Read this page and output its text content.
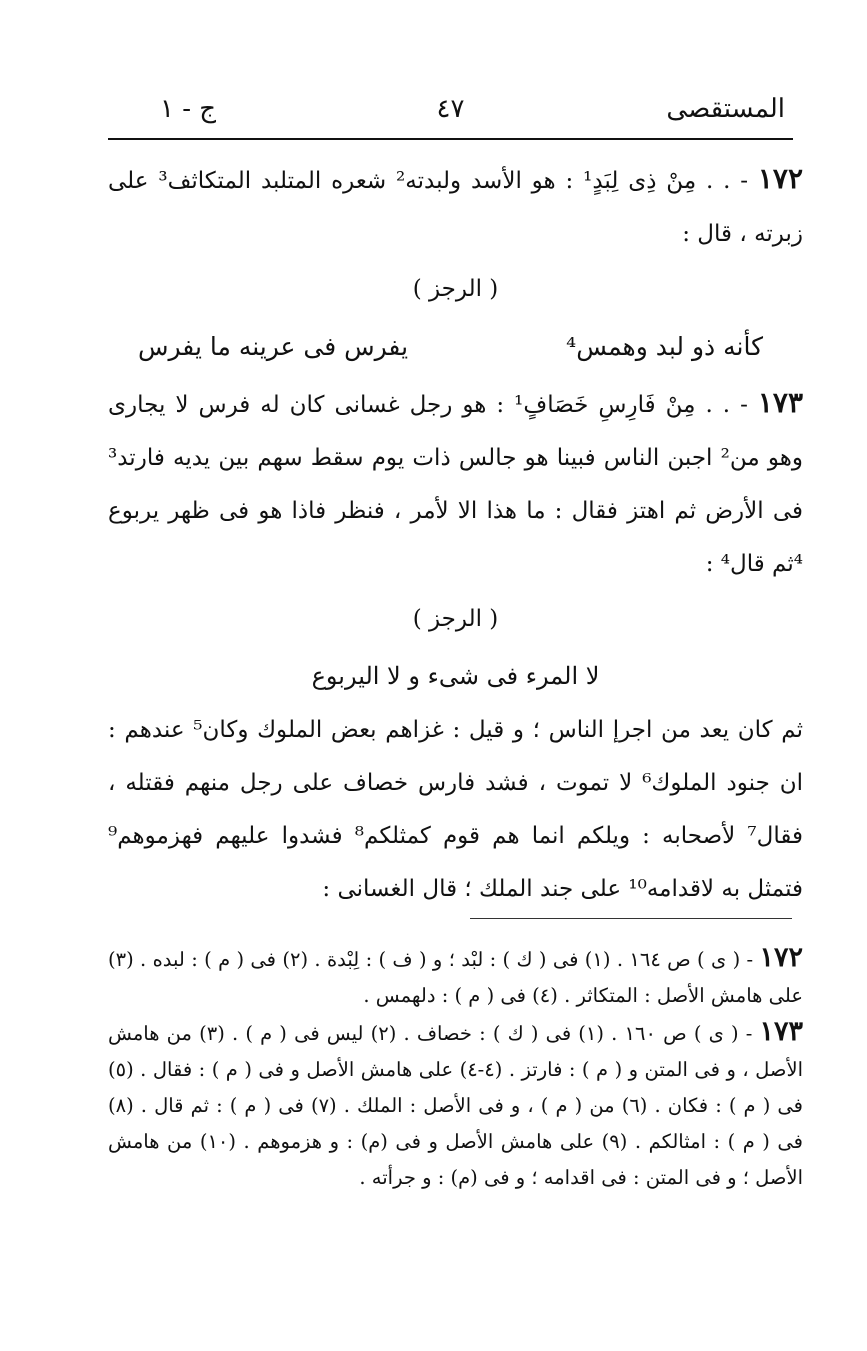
المستقصى
٤٧
ج - ١

١٧٢ - . . مِنْ ذِى لِبَدٍ¹ : هو الأسد ولبدته² شعره المتلبد المتكاثف³ على زبرته ، قال :

( الرجز )

كأنه ذو لبد وهمس⁴
يفرس فى عرينه ما يفرس

١٧٣ - . . مِنْ فَارِسِ خَصَافٍ¹ : هو رجل غسانى كان له فرس لا يجارى وهو من² اجبن الناس فبينا هو جالس ذات يوم سقط سهم بين يديه فارتد³ فى الأرض ثم اهتز فقال : ما هذا الا لأمر ، فنظر فاذا هو فى ظهر يربوع ⁴ثم قال⁴ :

( الرجز )

لا المرء فى شىء و لا اليربوع

ثم كان يعد من اجرإ الناس ؛ و قيل : غزاهم بعض الملوك وكان⁵ عندهم : ان جنود الملوك⁶ لا تموت ، فشد فارس خصاف على رجل منهم فقتله ، فقال⁷ لأصحابه : ويلكم انما هم قوم كمثلكم⁸ فشدوا عليهم فهزموهم⁹ فتمثل به لاقدامه¹⁰ على جند الملك ؛ قال الغسانى :

١٧٢ - ( ى ) ص ١٦٤ . (١) فى ( ك ) : لبْد ؛ و ( ف ) : لِبْدة . (٢) فى ( م ) : لبده . (٣) على هامش الأصل : المتكاثر . (٤) فى ( م ) : دلهمس .

١٧٣ - ( ى ) ص ١٦٠ . (١) فى ( ك ) : خصاف . (٢) ليس فى ( م ) . (٣) من هامش الأصل ، و فى المتن و ( م ) : فارتز . (٤-٤) على هامش الأصل و فى ( م ) : فقال . (٥) فى ( م ) : فكان . (٦) من ( م ) ، و فى الأصل : الملك . (٧) فى ( م ) : ثم قال . (٨) فى ( م ) : امثالكم . (٩) على هامش الأصل و فى (م) : و هزموهم . (١٠) من هامش الأصل ؛ و فى المتن : فى اقدامه ؛ و فى (م) : و جرأته .
